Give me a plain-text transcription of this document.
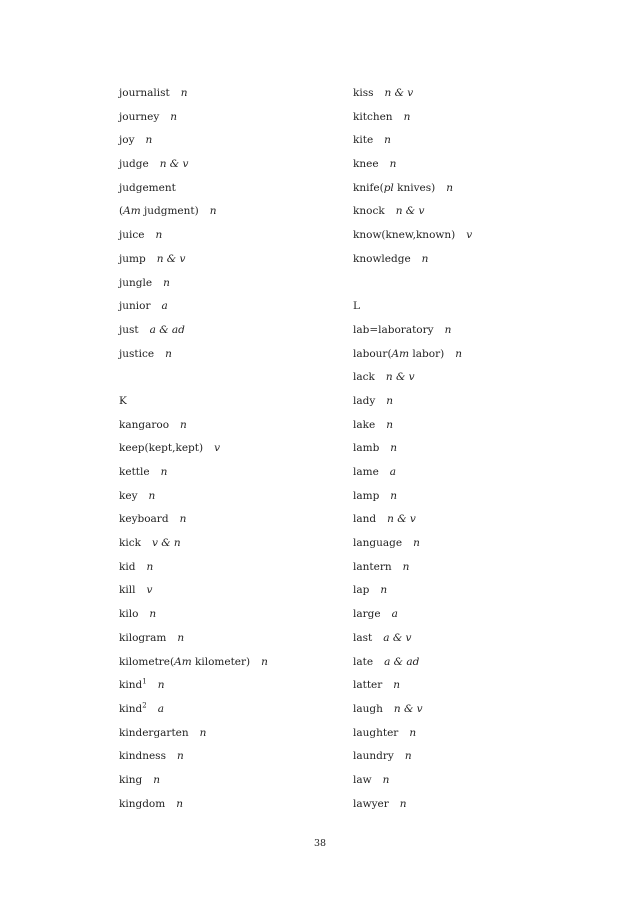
journalist n
journey n
joy n
judge n & v
judgement
(Am judgment) n
juice n
jump n & v
jungle n
junior a
just a & ad
justice n
K
kangaroo n
keep(kept,kept) v
kettle n
key n
keyboard n
kick v & n
kid n
kill v
kilo n
kilogram n
kilometre(Am kilometer) n
kind$^1$ n
kind$^2$ a
kindergarten n
kindness n
king n
kingdom n
kiss n & v
kitchen n
kite n
knee n
knife(pl knives) n
knock n & v
know(knew,known) v
knowledge n
L
lab=laboratory n
labour(Am labor) n
lack n & v
lady n
lake n
lamb n
lame a
lamp n
land n & v
language n
lantern n
lap n
large a
last a & v
late a & ad
latter n
laugh n & v
laughter n
laundry n
law n
lawyer n
38
